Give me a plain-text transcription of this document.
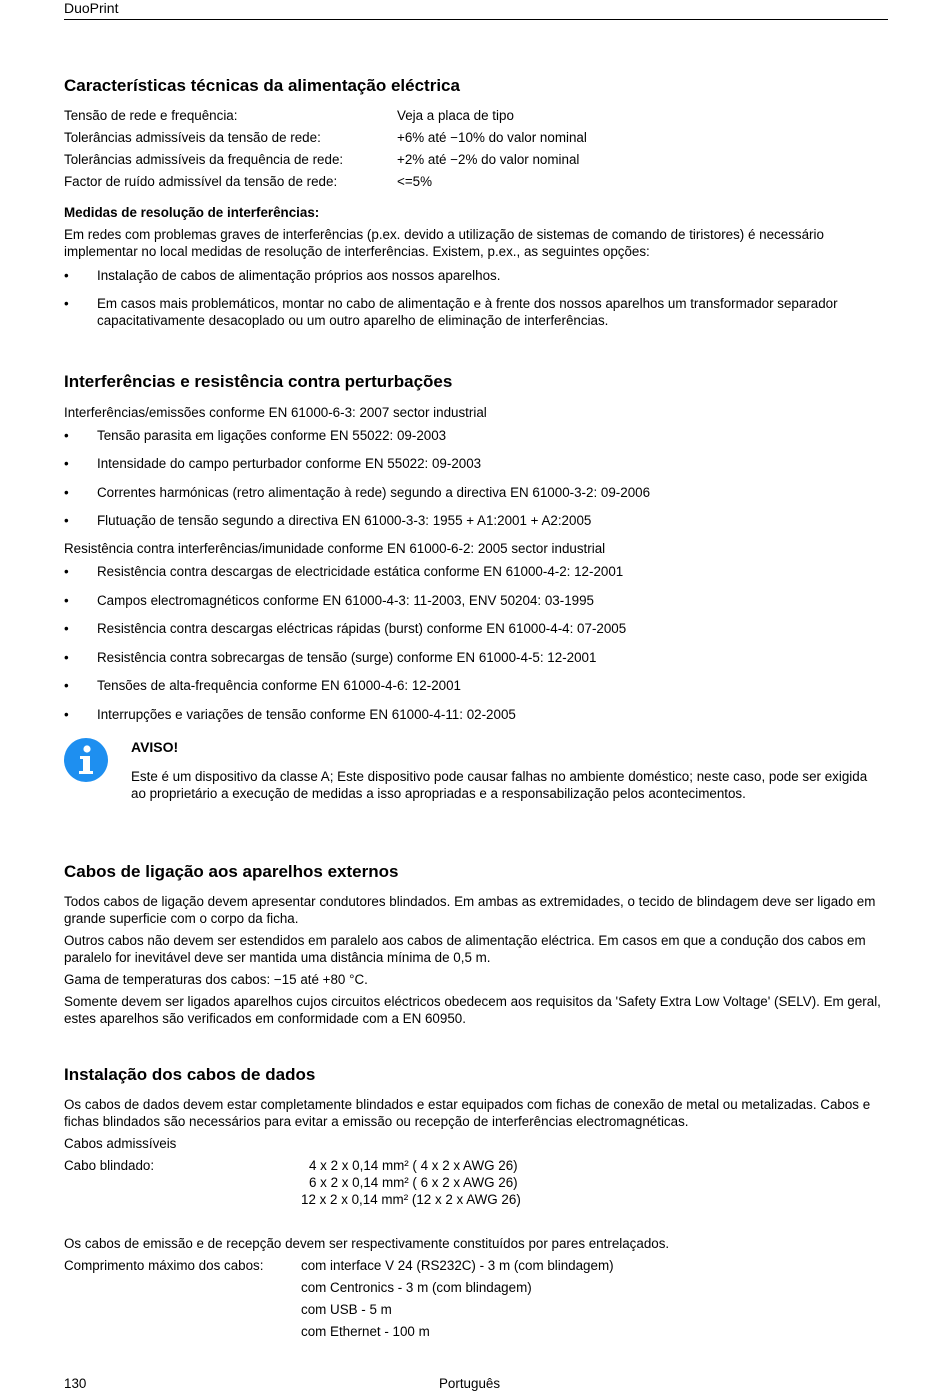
DuoPrint
Características técnicas da alimentação eléctrica
Tensão de rede e frequência:	Veja a placa de tipo
Tolerâncias admissíveis da tensão de rede:	+6% até −10% do valor nominal
Tolerâncias admissíveis da frequência de rede:	+2% até −2% do valor nominal
Factor de ruído admissível da tensão de rede:	<=5%
Medidas de resolução de interferências:
Em redes com problemas graves de interferências (p.ex. devido a utilização de sistemas de comando de tiristores) é necessário implementar no local medidas de resolução de interferências. Existem, p.ex., as seguintes opções:
• Instalação de cabos de alimentação próprios aos nossos aparelhos.
• Em casos mais problemáticos, montar no cabo de alimentação e à frente dos nossos aparelhos um transformador separador capacitativamente desacoplado ou um outro aparelho de eliminação de interferências.
Interferências e resistência contra perturbações
Interferências/emissões conforme EN 61000-6-3: 2007 sector industrial
• Tensão parasita em ligações conforme EN 55022: 09-2003
• Intensidade do campo perturbador conforme EN 55022: 09-2003
• Correntes harmónicas (retro alimentação à rede) segundo a directiva EN 61000-3-2: 09-2006
• Flutuação de tensão segundo a directiva EN 61000-3-3: 1955 + A1:2001 + A2:2005
Resistência contra interferências/imunidade conforme EN 61000-6-2: 2005 sector industrial
• Resistência contra descargas de electricidade estática conforme EN 61000-4-2: 12-2001
• Campos electromagnéticos conforme EN 61000-4-3: 11-2003, ENV 50204: 03-1995
• Resistência contra descargas eléctricas rápidas (burst) conforme EN 61000-4-4: 07-2005
• Resistência contra sobrecargas de tensão (surge) conforme EN 61000-4-5: 12-2001
• Tensões de alta-frequência conforme EN 61000-4-6: 12-2001
• Interrupções e variações de tensão conforme EN 61000-4-11: 02-2005
AVISO!
Este é um dispositivo da classe A; Este dispositivo pode causar falhas no ambiente doméstico; neste caso, pode ser exigida ao proprietário a execução de medidas a isso apropriadas e a responsabilização pelos acontecimentos.
Cabos de ligação aos aparelhos externos
Todos cabos de ligação devem apresentar condutores blindados. Em ambas as extremidades, o tecido de blindagem deve ser ligado em grande superficie com o corpo da ficha.
Outros cabos não devem ser estendidos em paralelo aos cabos de alimentação eléctrica. Em casos em que a condução dos cabos em paralelo for inevitável deve ser mantida uma distância mínima de 0,5 m.
Gama de temperaturas dos cabos: −15 até +80 °C.
Somente devem ser ligados aparelhos cujos circuitos eléctricos obedecem aos requisitos da 'Safety Extra Low Voltage' (SELV). Em geral, estes aparelhos são verificados em conformidade com a EN 60950.
Instalação dos cabos de dados
Os cabos de dados devem estar completamente blindados e estar equipados com fichas de conexão de metal ou metalizadas. Cabos e fichas blindados são necessários para evitar a emissão ou recepção de interferências electromagnéticas.
Cabos admissíveis
Cabo blindado:	4 x 2 x 0,14 mm² ( 4 x 2 x AWG 26)
6 x 2 x 0,14 mm² ( 6 x 2 x AWG 26)
12 x 2 x 0,14 mm² (12 x 2 x AWG 26)
Os cabos de emissão e de recepção devem ser respectivamente constituídos por pares entrelaçados.
Comprimento máximo dos cabos:	com interface V 24 (RS232C) - 3 m (com blindagem)
com Centronics - 3 m (com blindagem)
com USB - 5 m
com Ethernet - 100 m
130	Português
